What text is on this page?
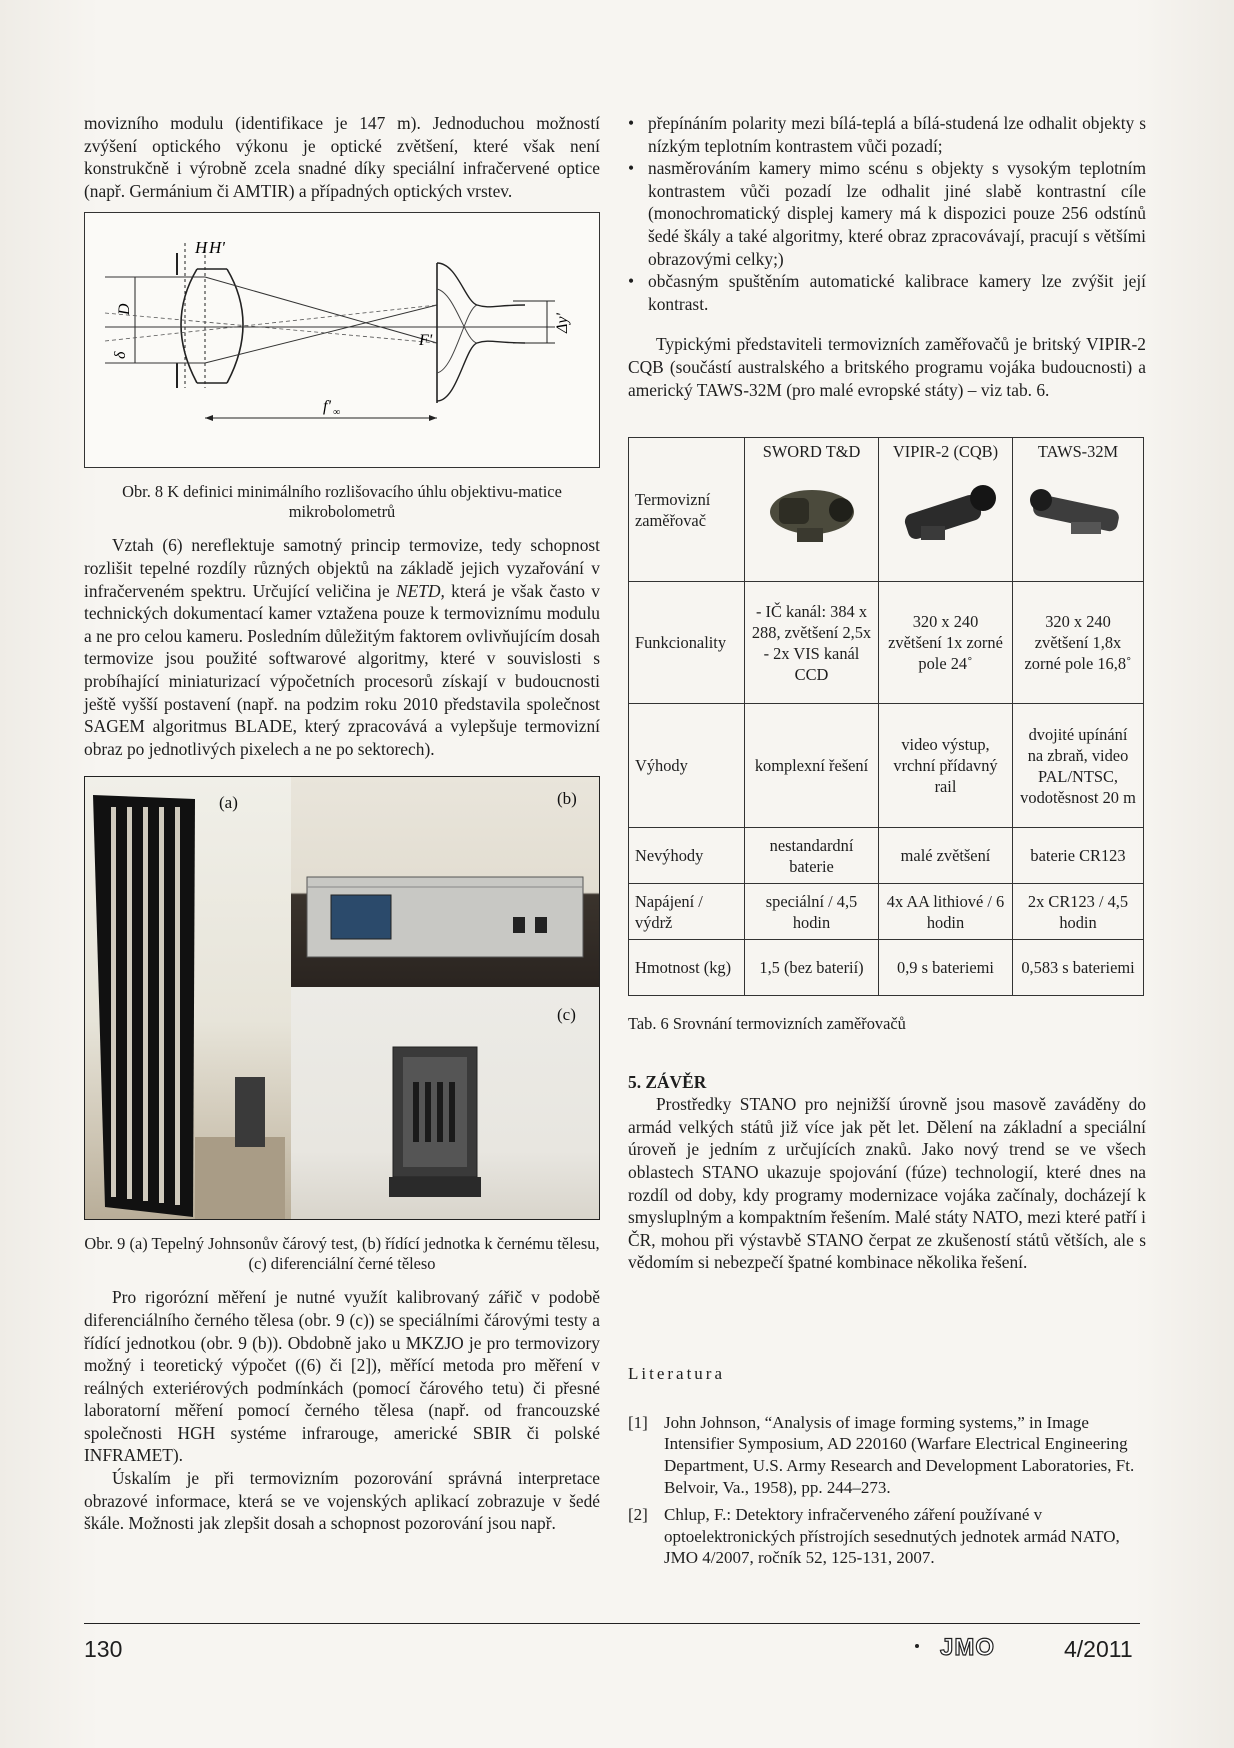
movizního modulu (identifikace je 147 m). Jednoduchou možností zvýšení optického výkonu je optické zvětšení, které však není konstrukčně i výrobně zcela snadné díky speciální infračervené optice (např. Germánium či AMTIR) a případných optických vrstev.

H H'
D
δ
F'
Δy'
f' ∞

Obr. 8 K definici minimálního rozlišovacího úhlu objektivu-matice mikrobolometrů

Vztah (6) nereflektuje samotný princip termovize, tedy schopnost rozlišit tepelné rozdíly různých objektů na základě jejich vyzařování v infračerveném spektru. Určující veličina je NETD, která je však často v technických dokumentací kamer vztažena pouze k termoviznímu modulu a ne pro celou kameru. Posledním důležitým faktorem ovlivňujícím dosah termovize jsou použité softwarové algoritmy, které v souvislosti s probíhající miniaturizací výpočetních procesorů získají v budoucnosti ještě vyšší postavení (např. na podzim roku 2010 představila společnost SAGEM algoritmus BLADE, který zpracovává a vylepšuje termovizní obraz po jednotlivých pixelech a ne po sektorech).

(a)	(b)
(c)

Obr. 9 (a) Tepelný Johnsonův čárový test, (b) řídící jednotka k černému tělesu, (c) diferenciální černé těleso

Pro rigorózní měření je nutné využít kalibrovaný zářič v podobě diferenciálního černého tělesa (obr. 9 (c)) se speciálními čárovými testy a řídící jednotkou (obr. 9 (b)). Obdobně jako u MKZJO je pro termovizory možný i teoretický výpočet ((6) či [2]), měřící metoda pro měření v reálných exteriérových podmínkách (pomocí čárového tetu) či přesné laboratorní měření pomocí černého tělesa (např. od francouzské společnosti HGH systéme infrarouge, americké SBIR či polské INFRAMET).

Úskalím je při termovizním pozorování správná interpretace obrazové informace, která se ve vojenských aplikací zobrazuje v šedé škále. Možnosti jak zlepšit dosah a schopnost pozorování jsou např.

• přepínáním polarity mezi bílá-teplá a bílá-studená lze odhalit objekty s nízkým teplotním kontrastem vůči pozadí;
• nasměrováním kamery mimo scénu s objekty s vysokým teplotním kontrastem vůči pozadí lze odhalit jiné slabě kontrastní cíle (monochromatický displej kamery má k dispozici pouze 256 odstínů šedé škály a také algoritmy, které obraz zpracovávají, pracují s většími obrazovými celky;)
• občasným spuštěním automatické kalibrace kamery lze zvýšit její kontrast.

Typickými představiteli termovizních zaměřovačů je britský VIPIR-2 CQB (součástí australského a britského programu vojáka budoucnosti) a americký TAWS-32M (pro malé evropské státy) – viz tab. 6.

Termovizní zaměřovač	SWORD T&D	VIPIR-2 (CQB)	TAWS-32M

Funkcionality	- IČ kanál: 384 x 288, zvětšení 2,5x - 2x VIS kanál CCD	320 x 240 zvětšení 1x zorné pole 24˚	320 x 240 zvětšení 1,8x zorné pole 16,8˚
Výhody	komplexní řešení	video výstup, vrchní přídavný rail	dvojité upínání na zbraň, video PAL/NTSC, vodotěsnost 20 m
Nevýhody	nestandardní baterie	malé zvětšení	baterie CR123
Napájení / výdrž	speciální / 4,5 hodin	4x AA lithiové / 6 hodin	2x CR123 / 4,5 hodin
Hmotnost (kg)	1,5 (bez baterií)	0,9 s bateriemi	0,583 s bateriemi

Tab. 6 Srovnání termovizních zaměřovačů

5. ZÁVĚR

Prostředky STANO pro nejnižší úrovně jsou masově zaváděny do armád velkých států již více jak pět let. Dělení na základní a speciální úroveň je jedním z určujících znaků. Jako nový trend se ve všech oblastech STANO ukazuje spojování (fúze) technologií, které dnes na rozdíl od doby, kdy programy modernizace vojáka začínaly, docházejí k smysluplným a kompaktním řešením. Malé státy NATO, mezi které patří i ČR, mohou při výstavbě STANO čerpat ze zkušeností států větších, ale s vědomím si nebezpečí špatné kombinace několika řešení.

Literatura
[1] John Johnson, “Analysis of image forming systems,” in Image Intensifier Symposium, AD 220160 (Warfare Electrical Engineering Department, U.S. Army Research and Development Laboratories, Ft. Belvoir, Va., 1958), pp. 244–273.
[2] Chlup, F.: Detektory infračerveného záření používané v optoelektronických přístrojích sesednutých jednotek armád NATO, JMO 4/2007, ročník 52, 125-131, 2007.
130	JMO	4/2011
